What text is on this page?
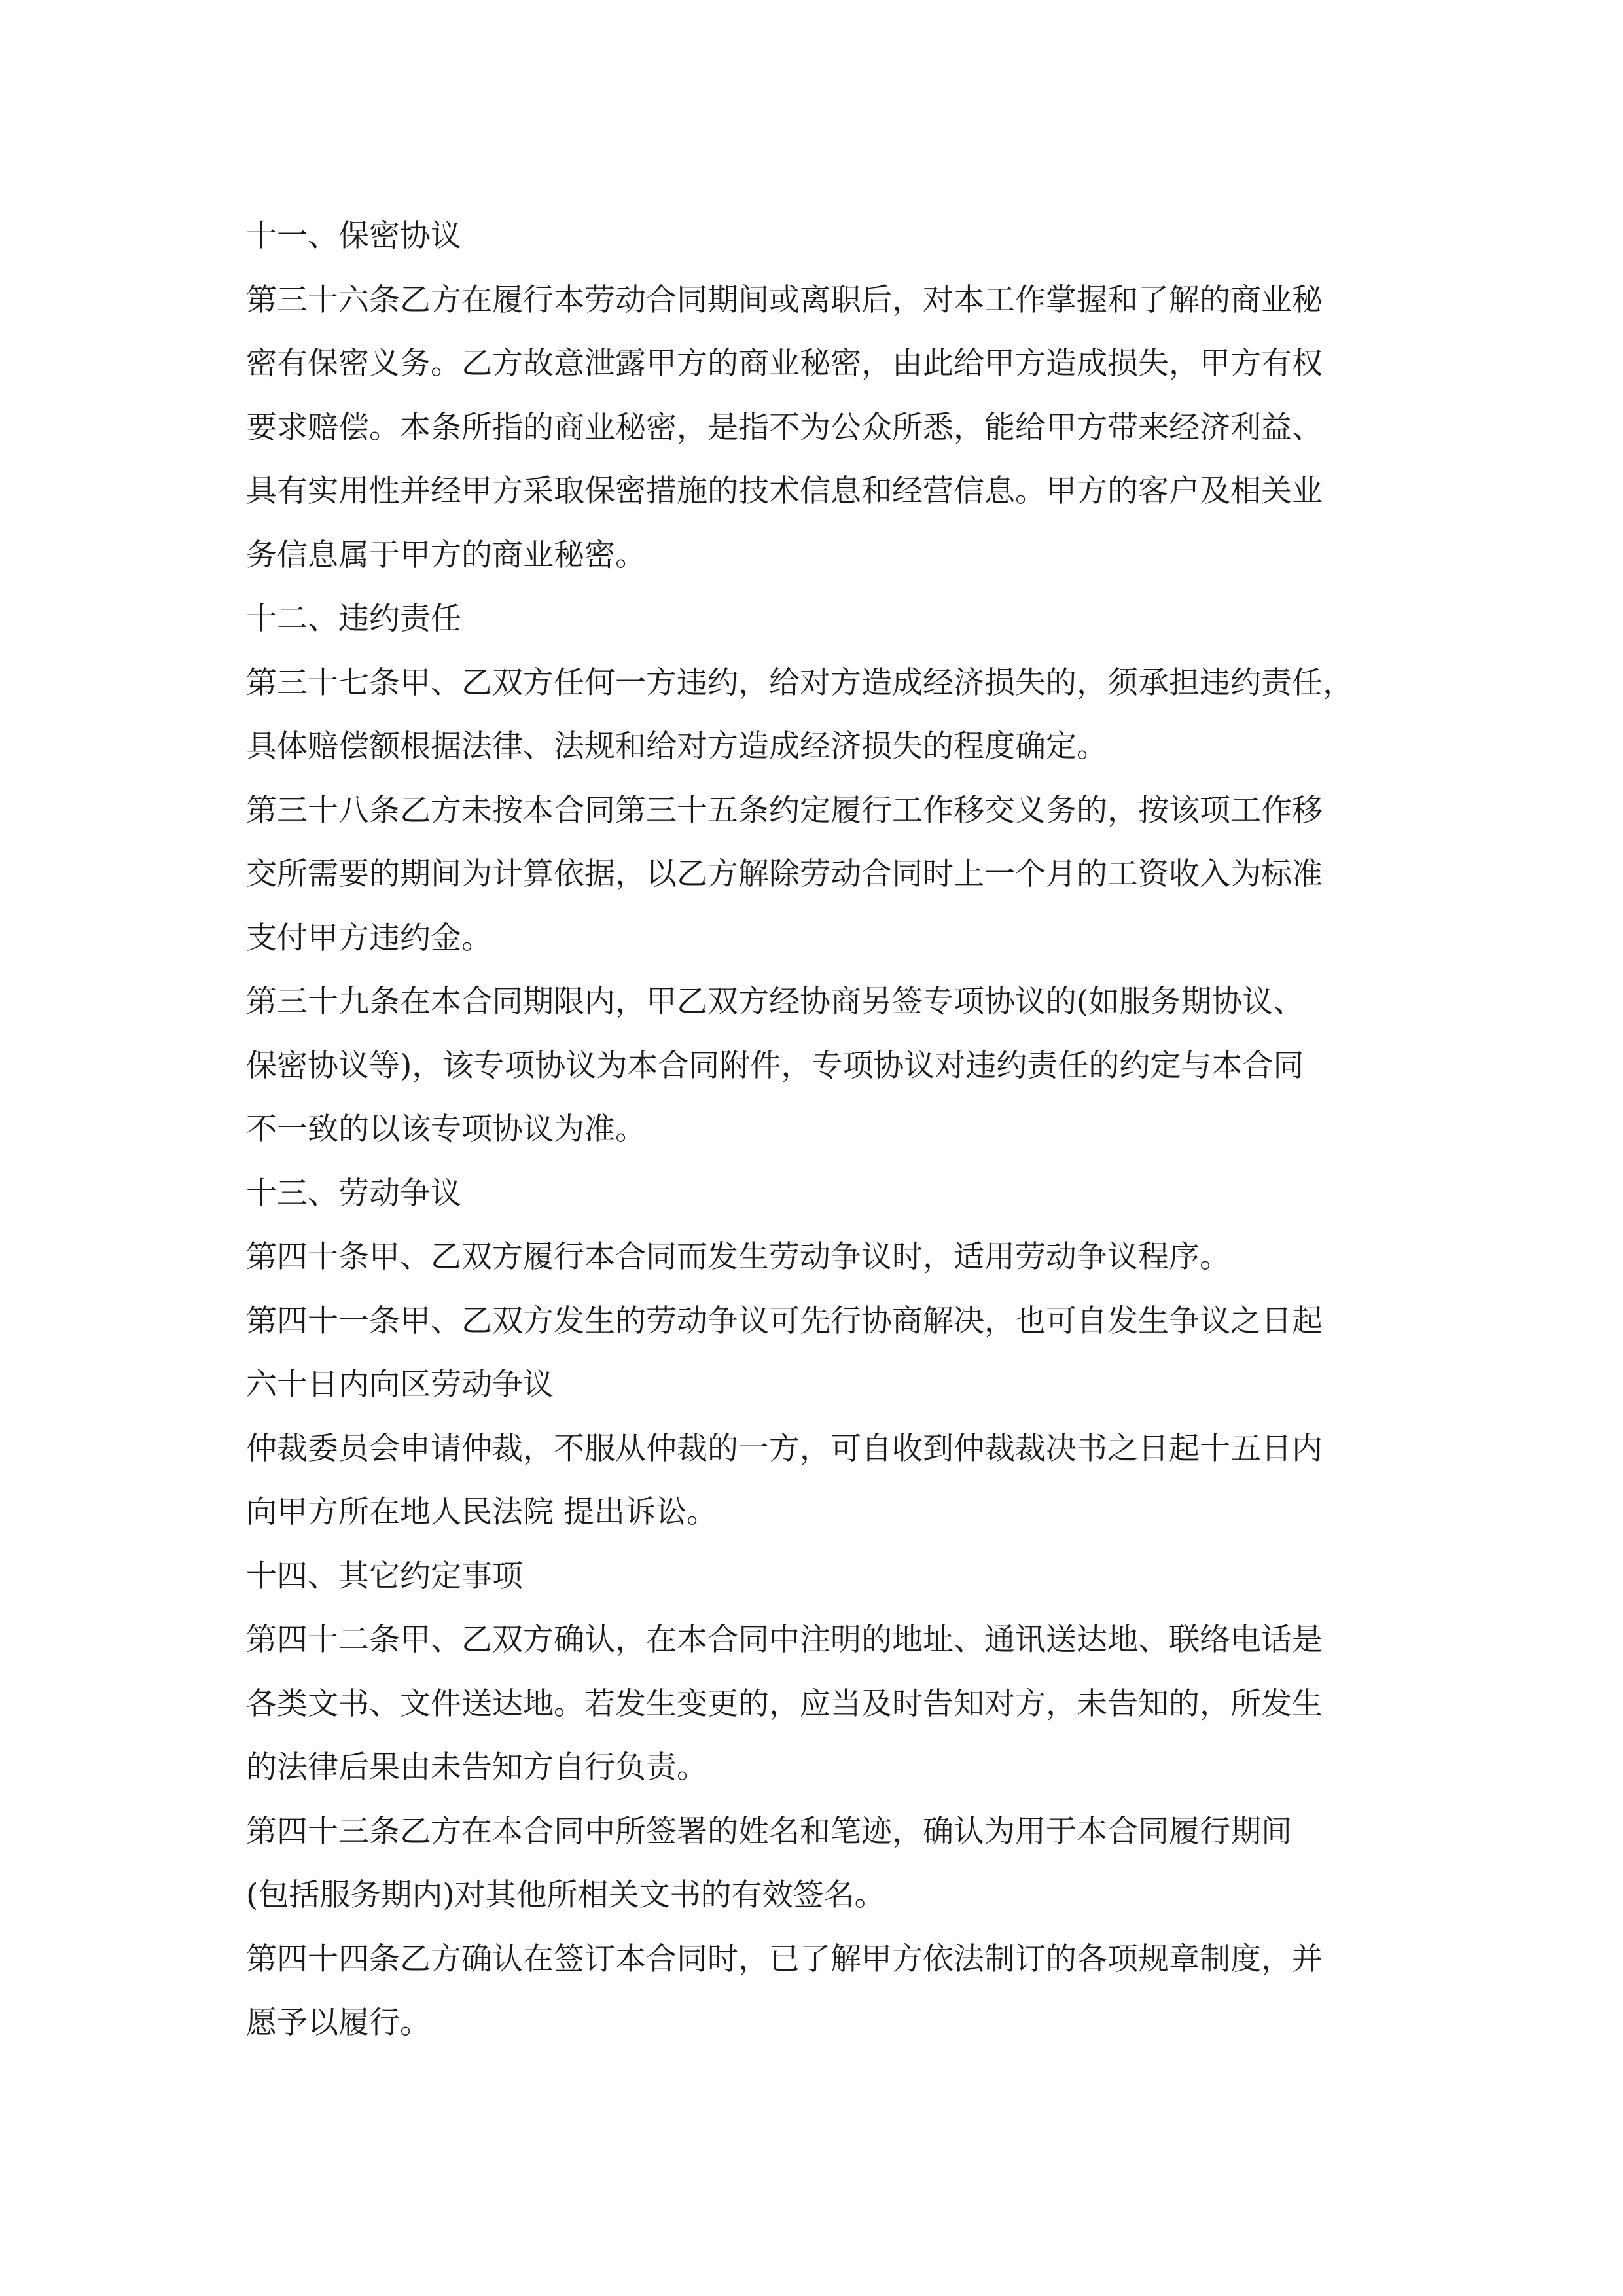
十一、保密协议
第三十六条乙方在履行本劳动合同期间或离职后，对本工作掌握和了解的商业秘
密有保密义务。乙方故意泄露甲方的商业秘密，由此给甲方造成损失，甲方有权
要求赔偿。本条所指的商业秘密，是指不为公众所悉，能给甲方带来经济利益、
具有实用性并经甲方采取保密措施的技术信息和经营信息。甲方的客户及相关业
务信息属于甲方的商业秘密。
十二、违约责任
第三十七条甲、乙双方任何一方违约，给对方造成经济损失的，须承担违约责任，
具体赔偿额根据法律、法规和给对方造成经济损失的程度确定。
第三十八条乙方未按本合同第三十五条约定履行工作移交义务的，按该项工作移
交所需要的期间为计算依据，以乙方解除劳动合同时上一个月的工资收入为标准
支付甲方违约金。
第三十九条在本合同期限内，甲乙双方经协商另签专项协议的(如服务期协议、
保密协议等)，该专项协议为本合同附件，专项协议对违约责任的约定与本合同
不一致的以该专项协议为准。
十三、劳动争议
第四十条甲、乙双方履行本合同而发生劳动争议时，适用劳动争议程序。
第四十一条甲、乙双方发生的劳动争议可先行协商解决，也可自发生争议之日起
六十日内向区劳动争议
仲裁委员会申请仲裁，不服从仲裁的一方，可自收到仲裁裁决书之日起十五日内
向甲方所在地人民法院 提出诉讼。
十四、其它约定事项
第四十二条甲、乙双方确认，在本合同中注明的地址、通讯送达地、联络电话是
各类文书、文件送达地。若发生变更的，应当及时告知对方，未告知的，所发生
的法律后果由未告知方自行负责。
第四十三条乙方在本合同中所签署的姓名和笔迹，确认为用于本合同履行期间
(包括服务期内)对其他所相关文书的有效签名。
第四十四条乙方确认在签订本合同时，已了解甲方依法制订的各项规章制度，并
愿予以履行。
